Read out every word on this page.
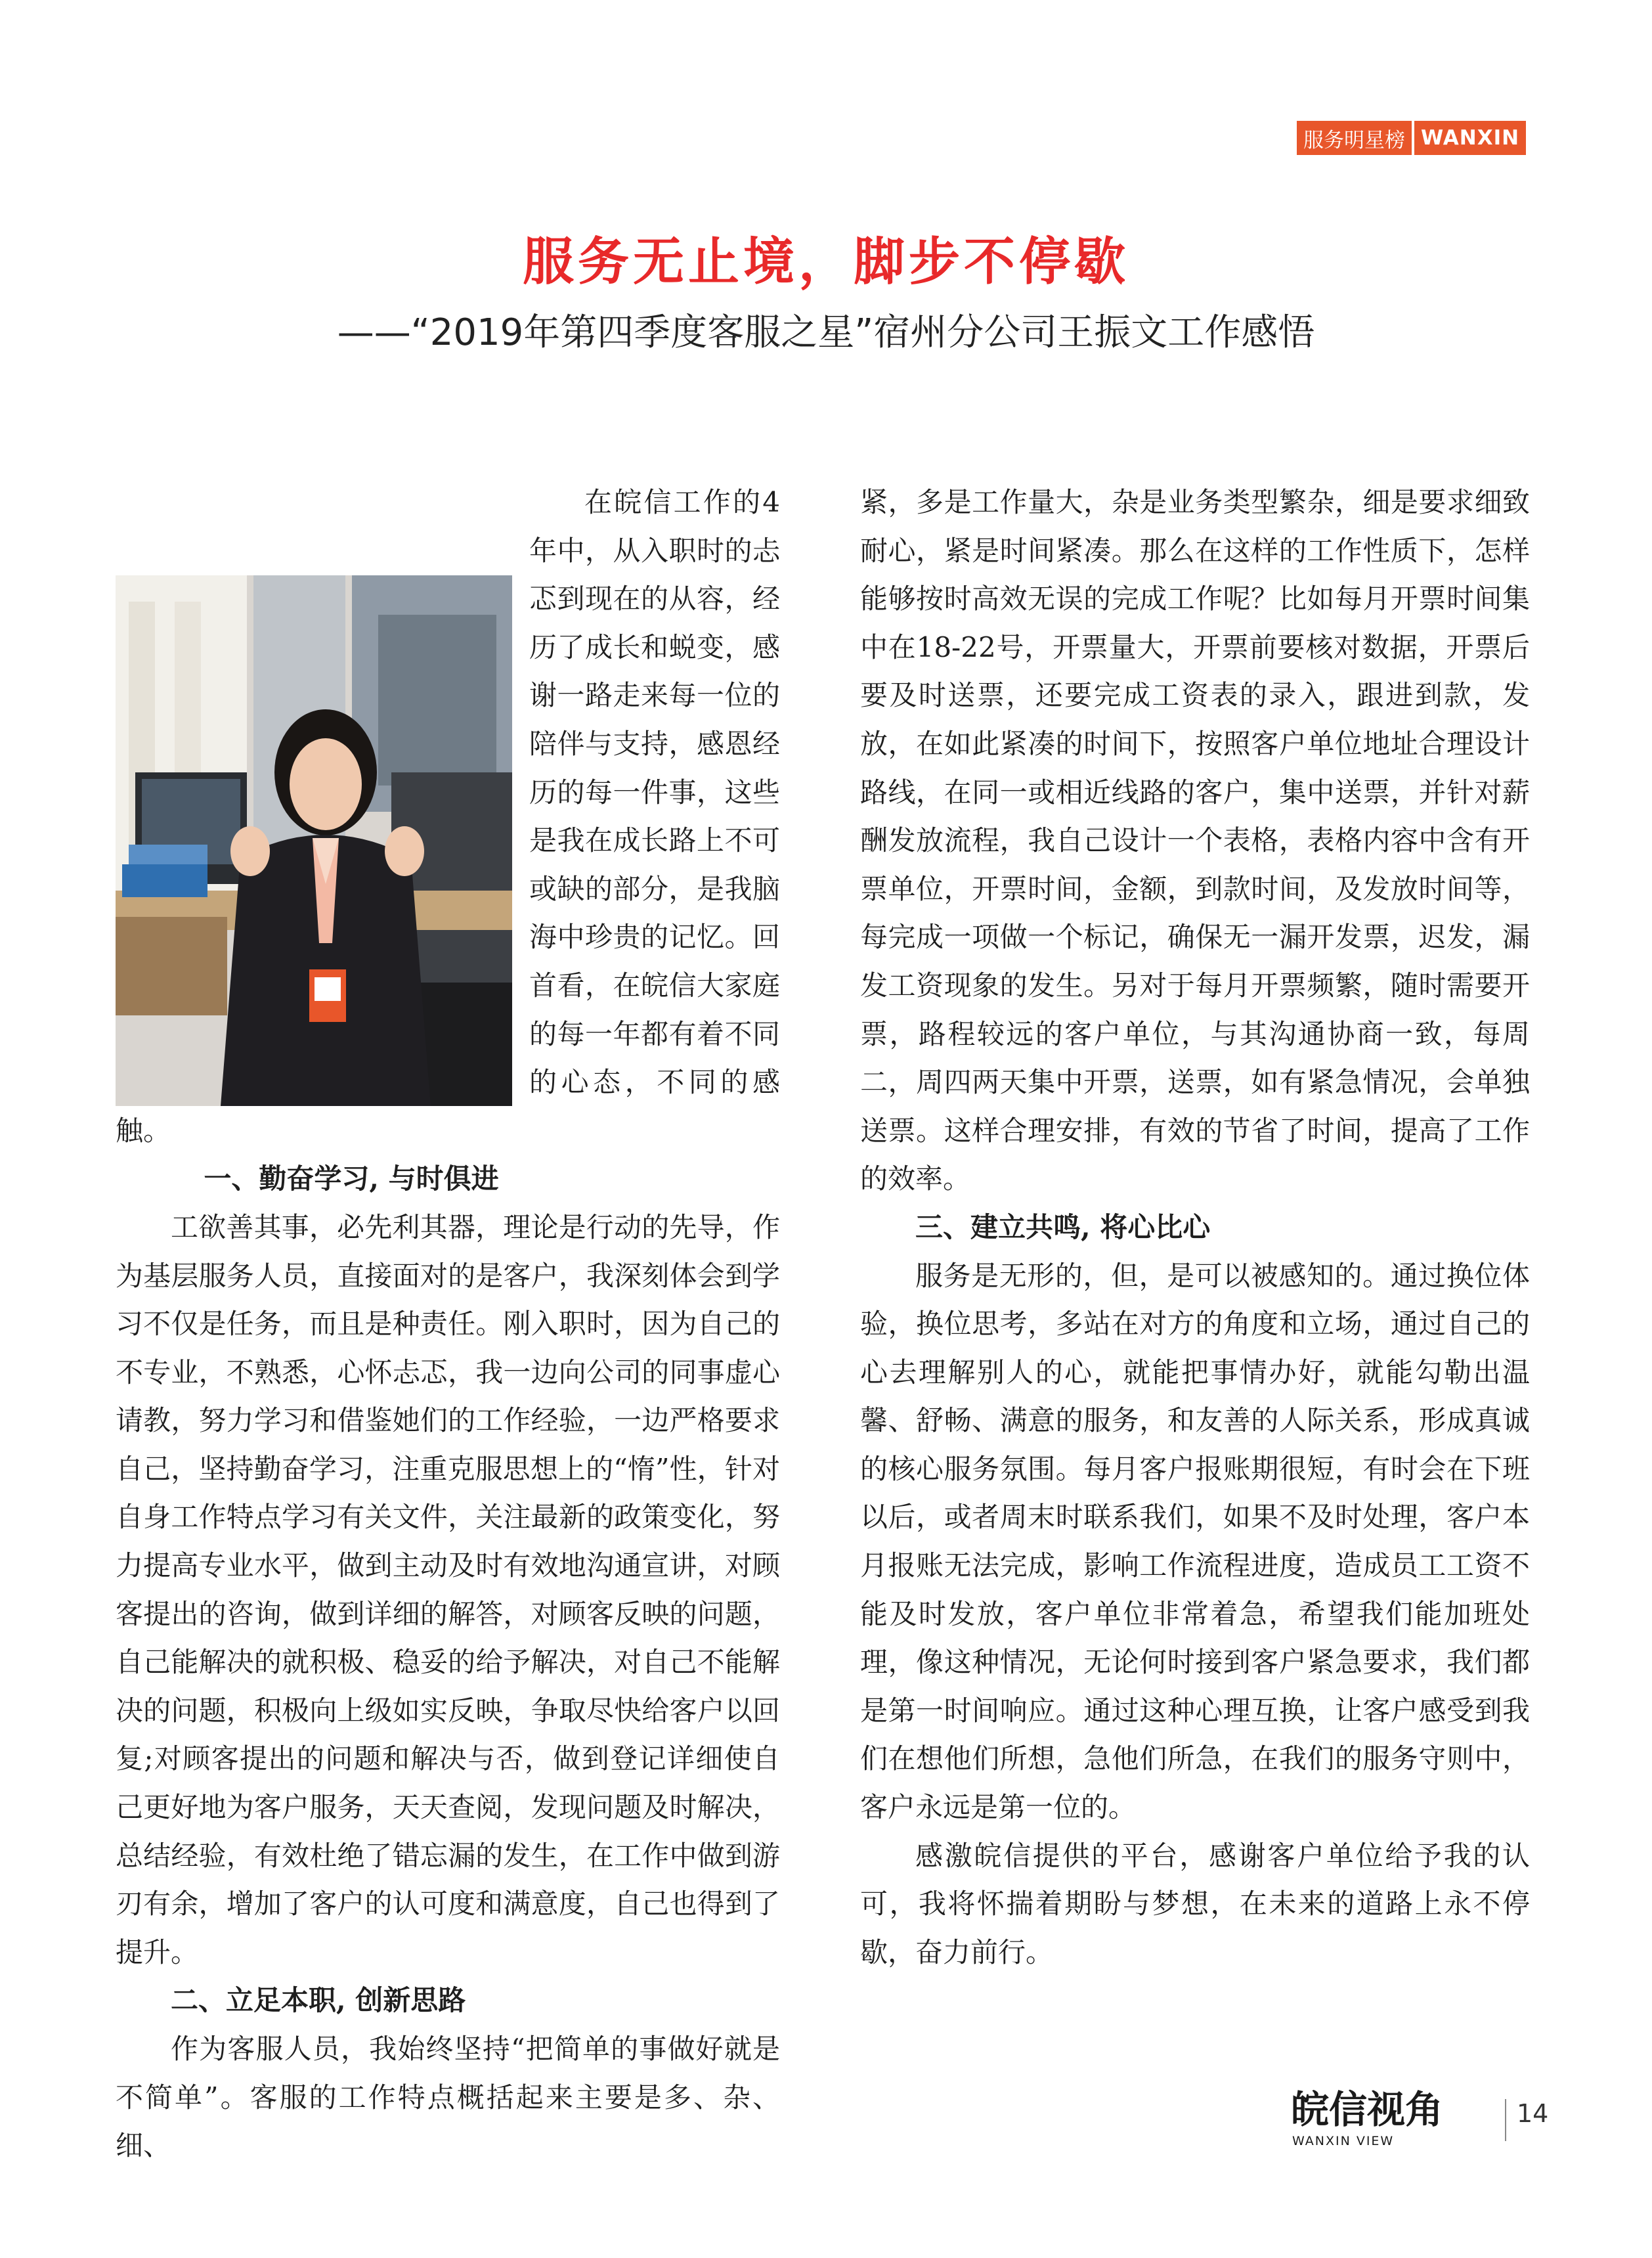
服务明星榜 WANXIN
服务无止境，脚步不停歇
——“2019年第四季度客服之星”宿州分公司王振文工作感悟

在皖信工作的4年中，从入职时的忐忑到现在的从容，经历了成长和蜕变，感谢一路走来每一位的陪伴与支持，感恩经历的每一件事，这些是我在成长路上不可或缺的部分，是我脑海中珍贵的记忆。回首看，在皖信大家庭的每一年都有着不同的心态，不同的感触。

一、勤奋学习, 与时俱进

工欲善其事，必先利其器，理论是行动的先导，作为基层服务人员，直接面对的是客户，我深刻体会到学习不仅是任务，而且是种责任。刚入职时，因为自己的不专业，不熟悉，心怀忐忑，我一边向公司的同事虚心请教，努力学习和借鉴她们的工作经验，一边严格要求自己，坚持勤奋学习，注重克服思想上的“惰”性，针对自身工作特点学习有关文件，关注最新的政策变化，努力提高专业水平，做到主动及时有效地沟通宣讲，对顾客提出的咨询，做到详细的解答，对顾客反映的问题，自己能解决的就积极、稳妥的给予解决，对自己不能解决的问题，积极向上级如实反映，争取尽快给客户以回复;对顾客提出的问题和解决与否，做到登记详细使自己更好地为客户服务，天天查阅，发现问题及时解决，总结经验，有效杜绝了错忘漏的发生，在工作中做到游刃有余，增加了客户的认可度和满意度，自己也得到了提升。

二、立足本职, 创新思路

作为客服人员，我始终坚持“把简单的事做好就是不简单”。客服的工作特点概括起来主要是多、杂、细、

紧，多是工作量大，杂是业务类型繁杂，细是要求细致耐心，紧是时间紧凑。那么在这样的工作性质下，怎样能够按时高效无误的完成工作呢？比如每月开票时间集中在18-22号，开票量大，开票前要核对数据，开票后要及时送票，还要完成工资表的录入，跟进到款，发放，在如此紧凑的时间下，按照客户单位地址合理设计路线，在同一或相近线路的客户，集中送票，并针对薪酬发放流程，我自己设计一个表格，表格内容中含有开票单位，开票时间，金额，到款时间，及发放时间等，每完成一项做一个标记，确保无一漏开发票，迟发，漏发工资现象的发生。另对于每月开票频繁，随时需要开票，路程较远的客户单位，与其沟通协商一致，每周二，周四两天集中开票，送票，如有紧急情况，会单独送票。这样合理安排，有效的节省了时间，提高了工作的效率。

三、建立共鸣, 将心比心

服务是无形的，但，是可以被感知的。通过换位体验，换位思考，多站在对方的角度和立场，通过自己的心去理解别人的心，就能把事情办好，就能勾勒出温馨、舒畅、满意的服务，和友善的人际关系，形成真诚的核心服务氛围。每月客户报账期很短，有时会在下班以后，或者周末时联系我们，如果不及时处理，客户本月报账无法完成，影响工作流程进度，造成员工工资不能及时发放，客户单位非常着急，希望我们能加班处理，像这种情况，无论何时接到客户紧急要求，我们都是第一时间响应。通过这种心理互换，让客户感受到我们在想他们所想，急他们所急，在我们的服务守则中，客户永远是第一位的。

感激皖信提供的平台，感谢客户单位给予我的认可，我将怀揣着期盼与梦想，在未来的道路上永不停歇，奋力前行。

皖信视角
WANXIN VIEW
14
